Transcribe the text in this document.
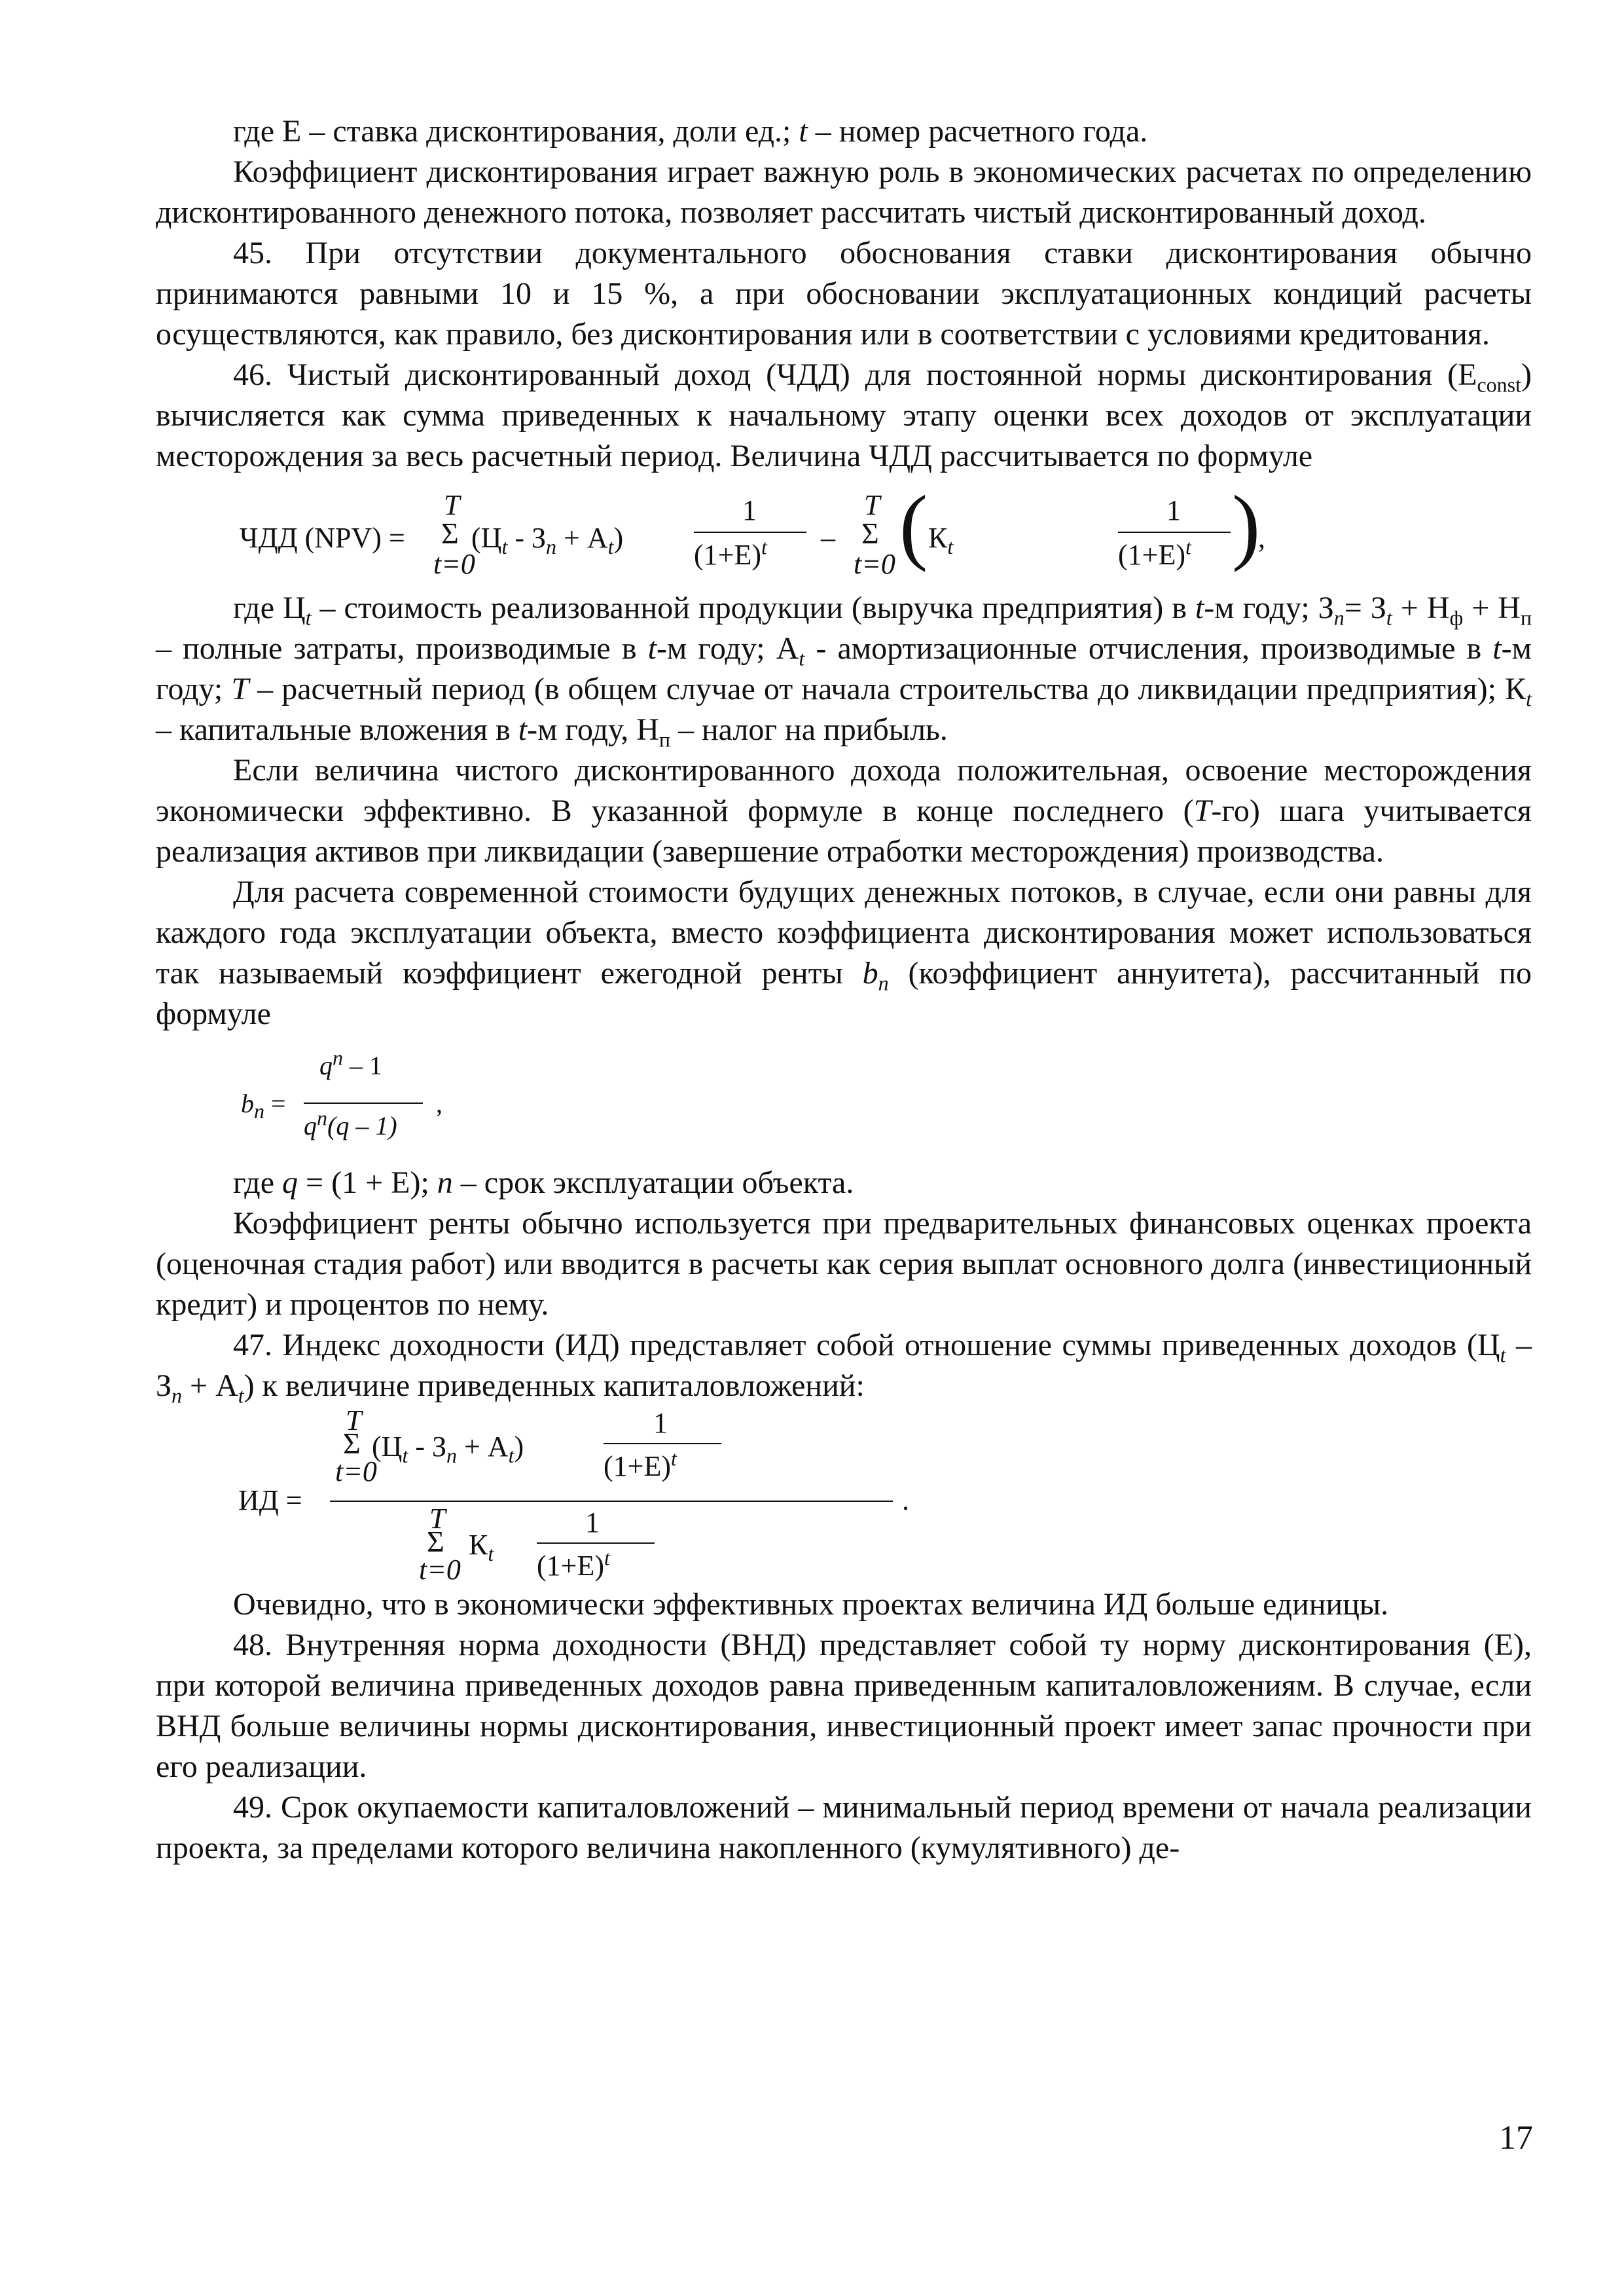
где Е – ставка дисконтирования, доли ед.; t – номер расчетного года.

Коэффициент дисконтирования играет важную роль в экономических расчетах по определению дисконтированного денежного потока, позволяет рассчитать чистый дисконтированный доход.

45. При отсутствии документального обоснования ставки дисконтирования обычно принимаются равными 10 и 15 %, а при обосновании эксплуатационных кондиций расчеты осуществляются, как правило, без дисконтирования или в соответствии с условиями кредитования.

46. Чистый дисконтированный доход (ЧДД) для постоянной нормы дисконтирования $(Е_{const})$ вычисляется как сумма приведенных к начальному этапу оценки всех доходов от эксплуатации месторождения за весь расчетный период. Величина ЧДД рассчитывается по формуле

ЧДД (NPV) =
T
Σ
t=0
$(Ц_t - З_n + А_t)$
1
$(1+Е)^t$ –
T
Σ
t=0 ( $К_t$
1
$(1+Е)^t$ )
,

где $Ц_t$ – стоимость реализованной продукции (выручка предприятия) в t-м году; $З_n= З_t + Н_ф + Н_п$ – полные затраты, производимые в t-м году; $А_t$ - амортизационные отчисления, производимые в t-м году; T – расчетный период (в общем случае от начала строительства до ликвидации предприятия); $К_t$ – капитальные вложения в t-м году, $Н_п$ – налог на прибыль.

Если величина чистого дисконтированного дохода положительная, освоение месторождения экономически эффективно. В указанной формуле в конце последнего (T-го) шага учитывается реализация активов при ликвидации (завершение отработки месторождения) производства.

Для расчета современной стоимости будущих денежных потоков, в случае, если они равны для каждого года эксплуатации объекта, вместо коэффициента дисконтирования может использоваться так называемый коэффициент ежегодной ренты $b_n$ (коэффициент аннуитета), рассчитанный по формуле

$q^n - 1$
$b_n$ =
$q^n(q - 1)$
,

где q = (1 + Е); n – срок эксплуатации объекта.

Коэффициент ренты обычно используется при предварительных финансовых оценках проекта (оценочная стадия работ) или вводится в расчеты как серия выплат основного долга (инвестиционный кредит) и процентов по нему.

47. Индекс доходности (ИД) представляет собой отношение суммы приведенных доходов $(Ц_t - З_n + А_t)$ к величине приведенных капиталовложений:

T
Σ
t=0
$(Ц_t - З_n + А_t)$
1
$(1+Е)^t$
ИД =	.
T
Σ
t=0
$К_t$
1
$(1+Е)^t$

Очевидно, что в экономически эффективных проектах величина ИД больше единицы.

48. Внутренняя норма доходности (ВНД) представляет собой ту норму дисконтирования (Е), при которой величина приведенных доходов равна приведенным капиталовложениям. В случае, если ВНД больше величины нормы дисконтирования, инвестиционный проект имеет запас прочности при его реализации.

49. Срок окупаемости капиталовложений – минимальный период времени от начала реализации проекта, за пределами которого величина накопленного (кумулятивного) де-

17
